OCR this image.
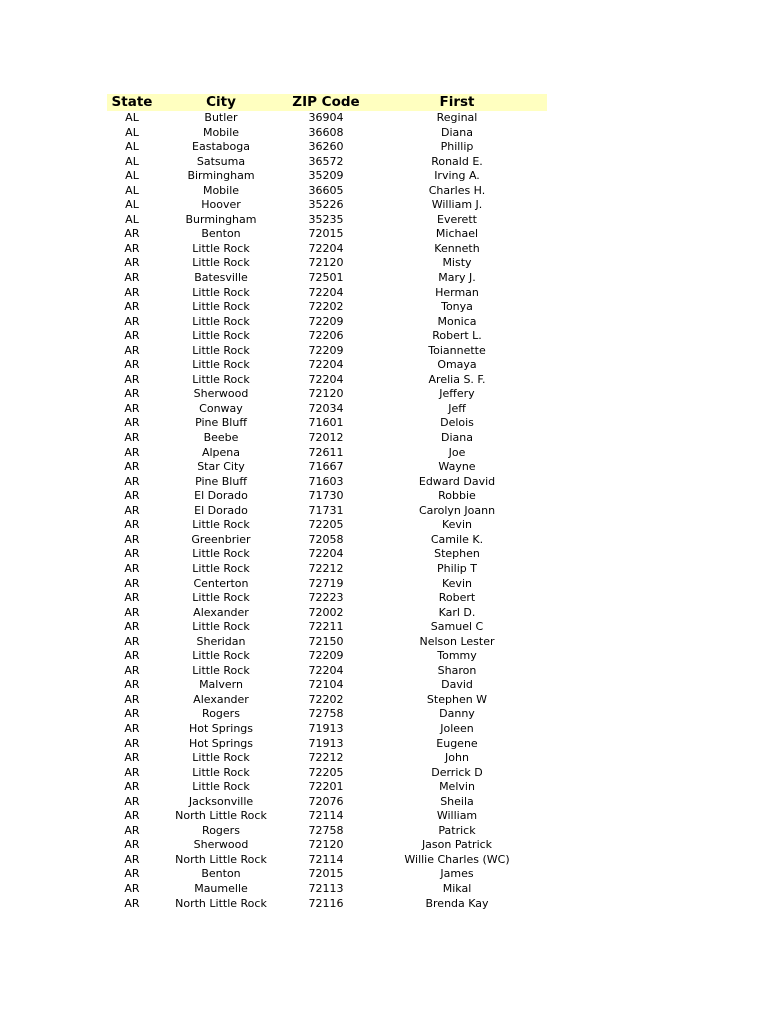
State	City	ZIP Code	First
AL	Butler	36904	Reginal
AL	Mobile	36608	Diana
AL	Eastaboga	36260	Phillip
AL	Satsuma	36572	Ronald E.
AL	Birmingham	35209	Irving A.
AL	Mobile	36605	Charles H.
AL	Hoover	35226	William J.
AL	Burmingham	35235	Everett
AR	Benton	72015	Michael
AR	Little Rock	72204	Kenneth
AR	Little Rock	72120	Misty
AR	Batesville	72501	Mary J.
AR	Little Rock	72204	Herman
AR	Little Rock	72202	Tonya
AR	Little Rock	72209	Monica
AR	Little Rock	72206	Robert L.
AR	Little Rock	72209	Toiannette
AR	Little Rock	72204	Omaya
AR	Little Rock	72204	Arelia S. F.
AR	Sherwood	72120	Jeffery
AR	Conway	72034	Jeff
AR	Pine Bluff	71601	Delois
AR	Beebe	72012	Diana
AR	Alpena	72611	Joe
AR	Star City	71667	Wayne
AR	Pine Bluff	71603	Edward David
AR	El Dorado	71730	Robbie
AR	El Dorado	71731	Carolyn Joann
AR	Little Rock	72205	Kevin
AR	Greenbrier	72058	Camile K.
AR	Little Rock	72204	Stephen
AR	Little Rock	72212	Philip T
AR	Centerton	72719	Kevin
AR	Little Rock	72223	Robert
AR	Alexander	72002	Karl D.
AR	Little Rock	72211	Samuel C
AR	Sheridan	72150	Nelson Lester
AR	Little Rock	72209	Tommy
AR	Little Rock	72204	Sharon
AR	Malvern	72104	David
AR	Alexander	72202	Stephen W
AR	Rogers	72758	Danny
AR	Hot Springs	71913	Joleen
AR	Hot Springs	71913	Eugene
AR	Little Rock	72212	John
AR	Little Rock	72205	Derrick D
AR	Little Rock	72201	Melvin
AR	Jacksonville	72076	Sheila
AR	North Little Rock	72114	William
AR	Rogers	72758	Patrick
AR	Sherwood	72120	Jason Patrick
AR	North Little Rock	72114	Willie Charles (WC)
AR	Benton	72015	James
AR	Maumelle	72113	Mikal
AR	North Little Rock	72116	Brenda Kay
